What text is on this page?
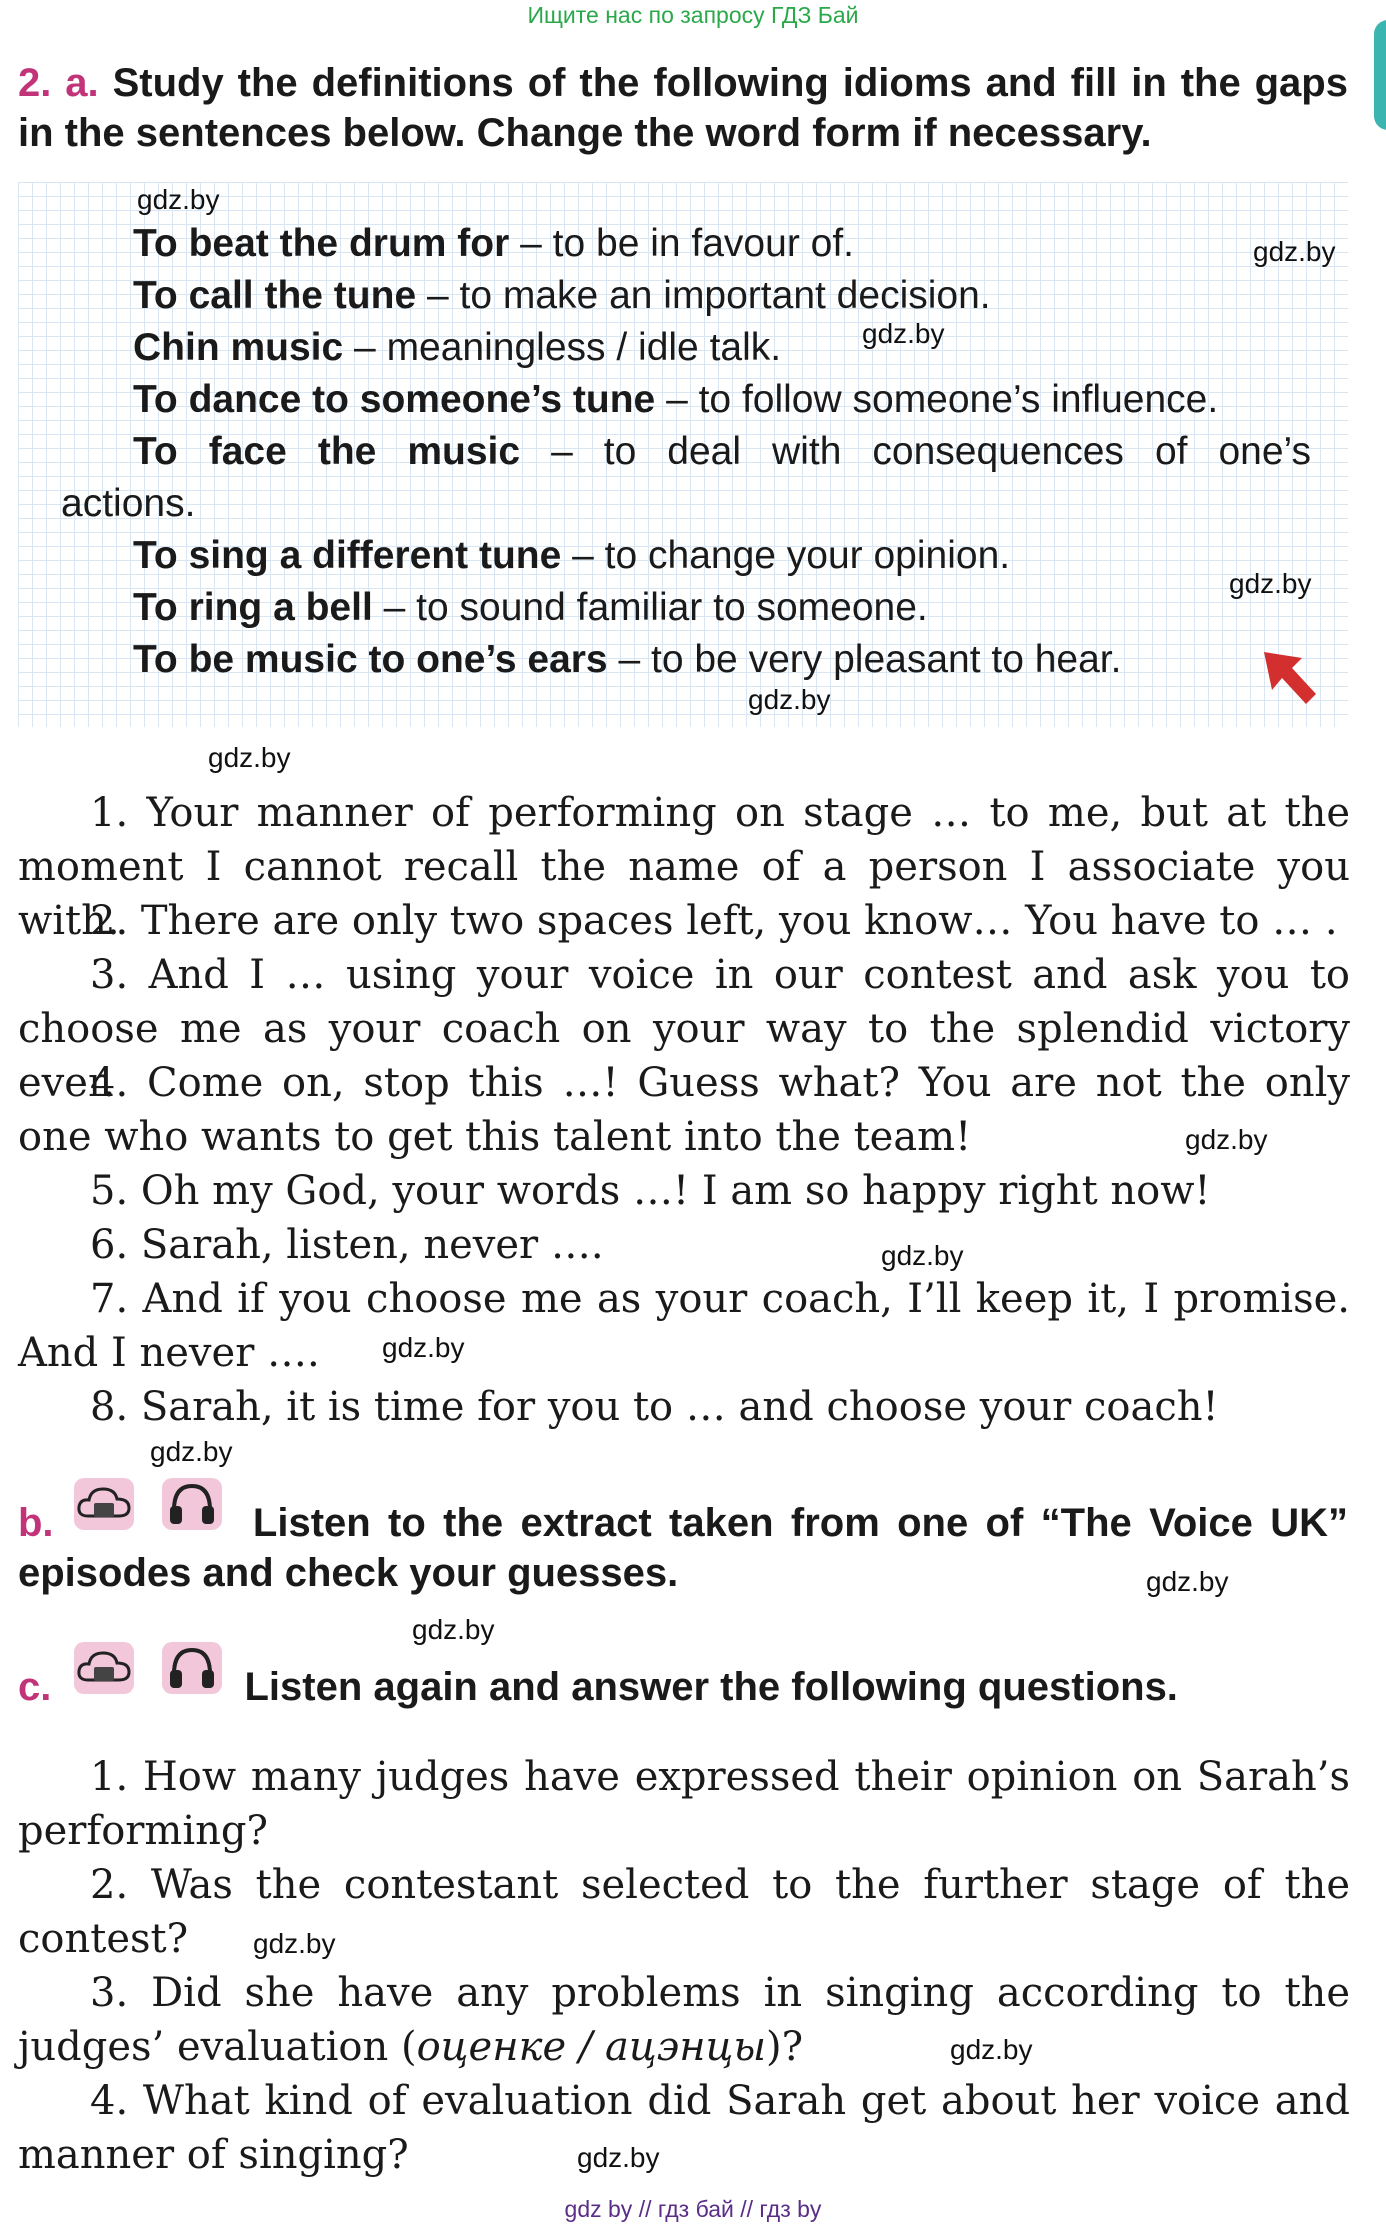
Ищите нас по запросу ГДЗ Бай
2. a. Study the definitions of the following idioms and fill in the gaps in the sentences below. Change the word form if necessary.
gdz.by
gdz.by
gdz.by
gdz.by
gdz.by
To beat the drum for – to be in favour of.
To call the tune – to make an important decision.
Chin music – meaningless / idle talk.
To dance to someone’s tune – to follow someone’s influence.
To face the music – to deal with consequences of one’s
actions.
To sing a different tune – to change your opinion.
To ring a bell – to sound familiar to someone.
To be music to one’s ears – to be very pleasant to hear.
gdz.by
1. Your manner of performing on stage … to me, but at the moment I cannot recall the name of a person I associate you with.
2. There are only two spaces left, you know… You have to … .
3. And I … using your voice in our contest and ask you to choose me as your coach on your way to the splendid victory ever.
4. Come on, stop this …! Guess what? You are not the only one who wants to get this talent into the team!	gdz.by
5. Oh my God, your words …! I am so happy right now!
6. Sarah, listen, never ….	gdz.by
7. And if you choose me as your coach, I’ll keep it, I promise. And I never ….	gdz.by
8. Sarah, it is time for you to … and choose your coach!
gdz.by
b.	Listen to the extract taken from one of “The Voice UK” episodes and check your guesses.	gdz.by
gdz.by
c.	Listen again and answer the following questions.
1. How many judges have expressed their opinion on Sarah’s performing?
2. Was the contestant selected to the further stage of the contest?	gdz.by
3. Did she have any problems in singing according to the judges’ evaluation (оценке / ацэнцы)?	gdz.by
4. What kind of evaluation did Sarah get about her voice and manner of singing?	gdz.by
gdz by // гдз бай // гдз by
